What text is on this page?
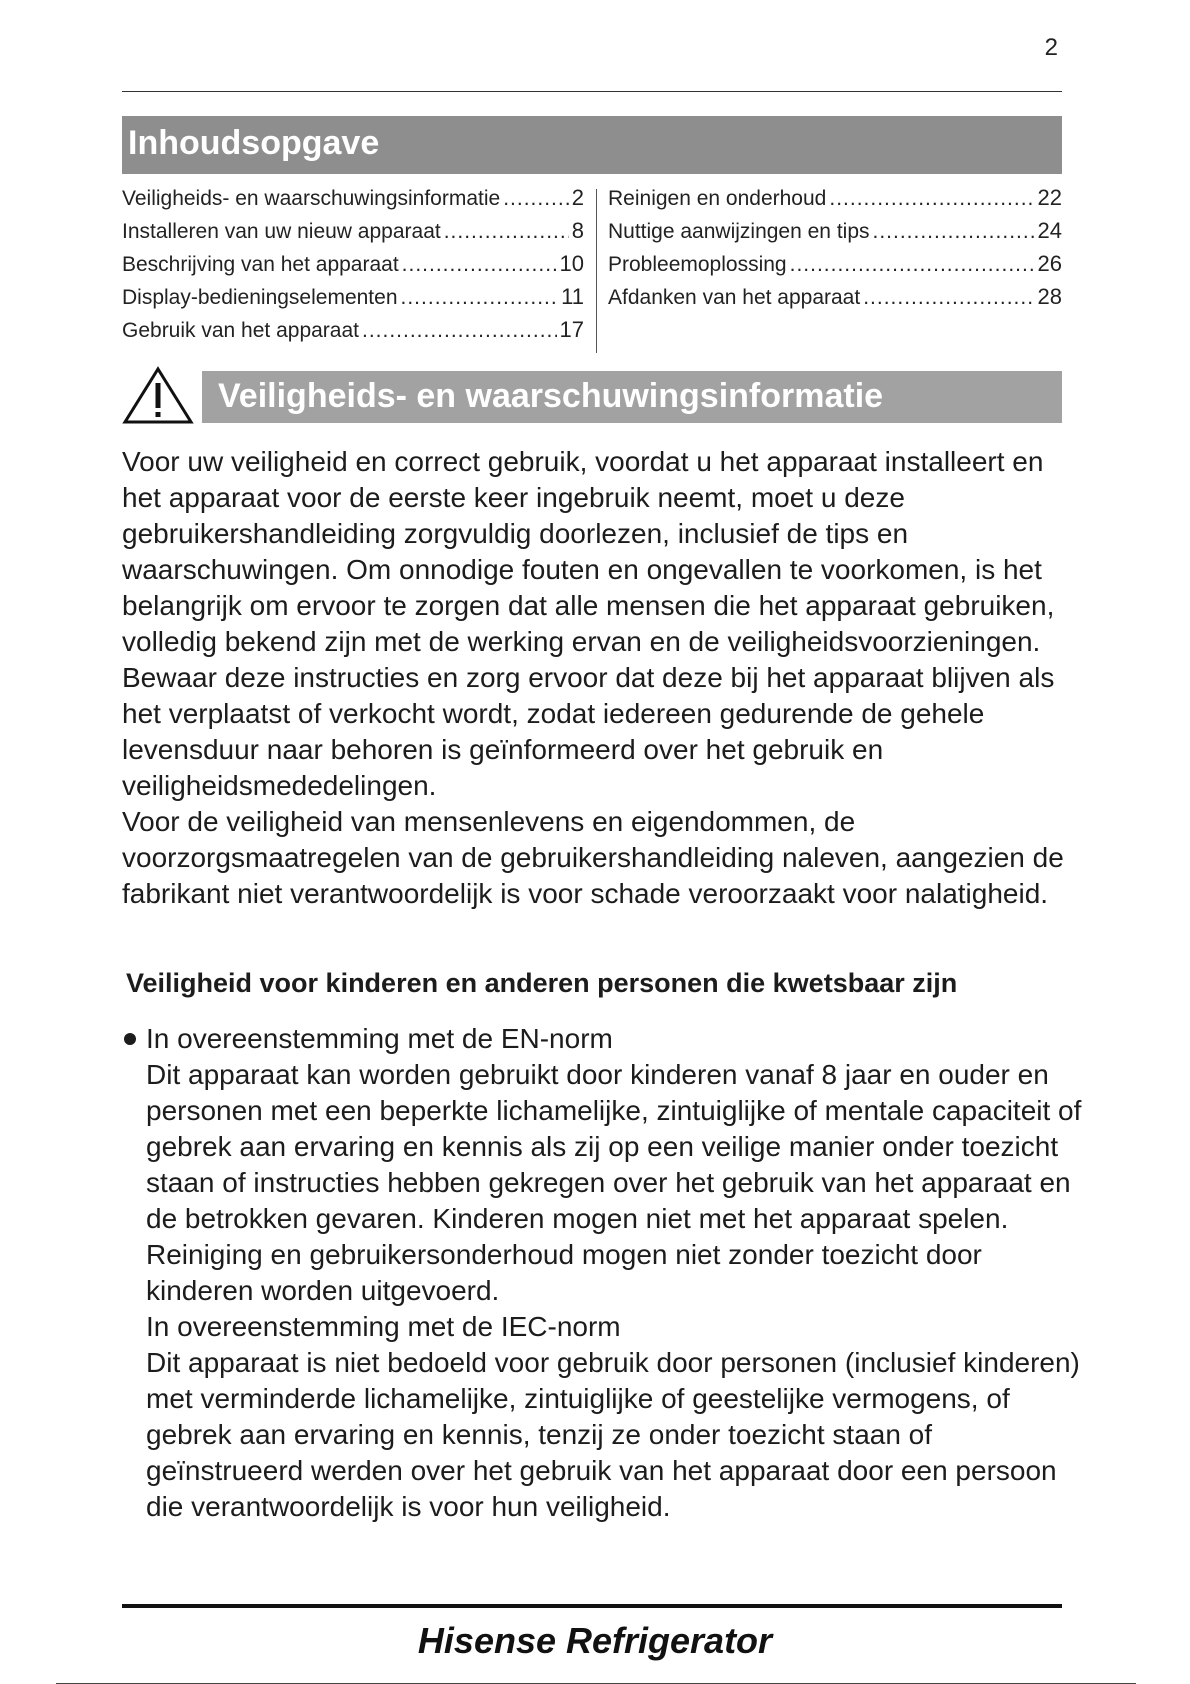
2
Inhoudsopgave
Veiligheids- en waarschuwingsinformatie .....	2
Installeren van uw nieuw apparaat .....	8
Beschrijving van het apparaat .....	10
Display-bedieningselementen .....	11
Gebruik van het apparaat .....	17
Reinigen en onderhoud .....	22
Nuttige aanwijzingen en tips .....	24
Probleemoplossing .....	26
Afdanken van het apparaat .....	28
Veiligheids- en waarschuwingsinformatie

Voor uw veiligheid en correct gebruik, voordat u het apparaat installeert en het apparaat voor de eerste keer ingebruik neemt, moet u deze gebruikershandleiding zorgvuldig doorlezen, inclusief de tips en waarschuwingen. Om onnodige fouten en ongevallen te voorkomen, is het belangrijk om ervoor te zorgen dat alle mensen die het apparaat gebruiken, volledig bekend zijn met de werking ervan en de veiligheidsvoorzieningen. Bewaar deze instructies en zorg ervoor dat deze bij het apparaat blijven als het verplaatst of verkocht wordt, zodat iedereen gedurende de gehele levensduur naar behoren is geïnformeerd over het gebruik en veiligheidsmededelingen.

Voor de veiligheid van mensenlevens en eigendommen, de voorzorgsmaatregelen van de gebruikershandleiding naleven, aangezien de fabrikant niet verantwoordelijk is voor schade veroorzaakt voor nalatigheid.

Veiligheid voor kinderen en anderen personen die kwetsbaar zijn

In overeenstemming met de EN-norm

Dit apparaat kan worden gebruikt door kinderen vanaf 8 jaar en ouder en personen met een beperkte lichamelijke, zintuiglijke of mentale capaciteit of gebrek aan ervaring en kennis als zij op een veilige manier onder toezicht staan of instructies hebben gekregen over het gebruik van het apparaat en de betrokken gevaren. Kinderen mogen niet met het apparaat spelen. Reiniging en gebruikersonderhoud mogen niet zonder toezicht door kinderen worden uitgevoerd.

In overeenstemming met de IEC-norm

Dit apparaat is niet bedoeld voor gebruik door personen (inclusief kinderen) met verminderde lichamelijke, zintuiglijke of geestelijke vermogens, of gebrek aan ervaring en kennis, tenzij ze onder toezicht staan of geïnstrueerd werden over het gebruik van het apparaat door een persoon die verantwoordelijk is voor hun veiligheid.

Hisense Refrigerator
